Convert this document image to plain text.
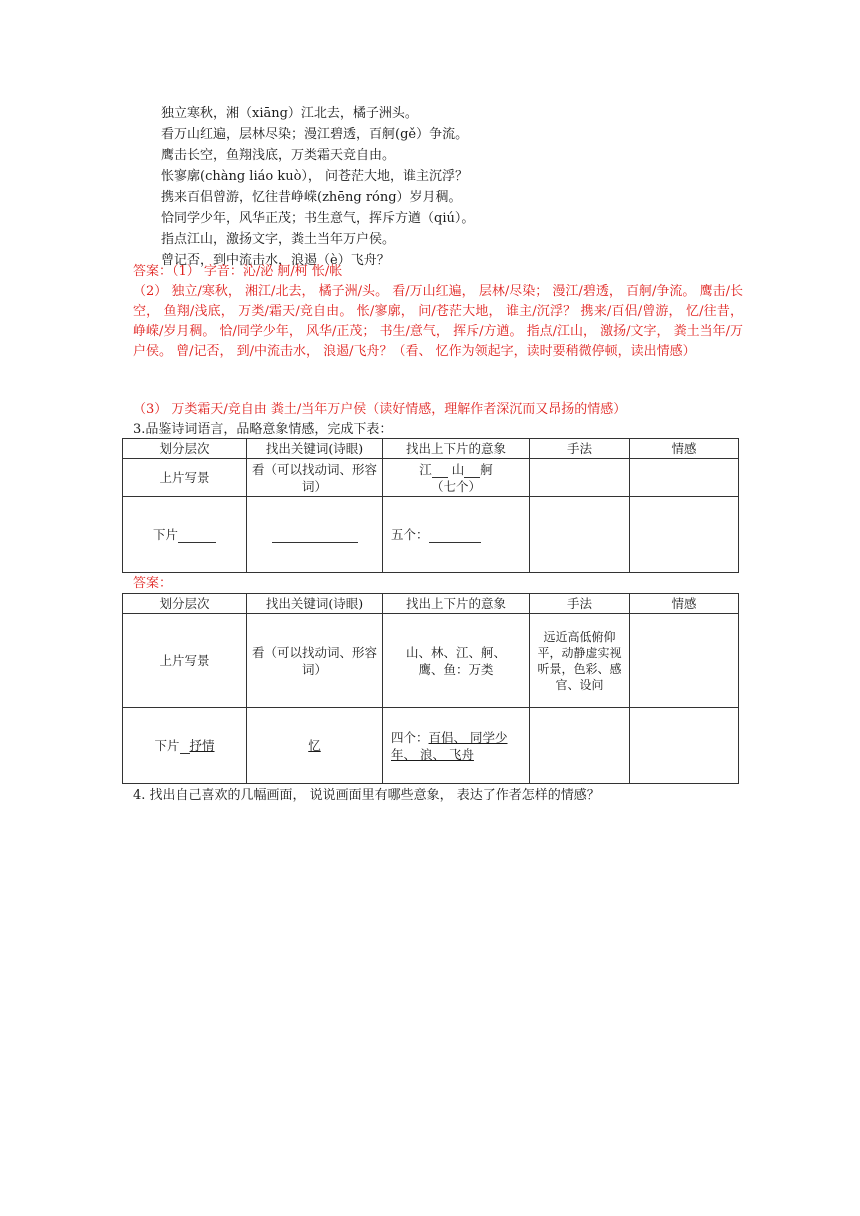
独立寒秋，湘（xiāng）江北去，橘子洲头。
看万山红遍，层林尽染；漫江碧透，百舸(gě）争流。
鹰击长空，鱼翔浅底，万类霜天竞自由。
怅寥廓(chàng liáo kuò）， 问苍茫大地，谁主沉浮？
携来百侣曾游，忆往昔峥嵘(zhēng róng）岁月稠。
恰同学少年，风华正茂；书生意气，挥斥方遒（qiú）。
指点江山，激扬文字，粪土当年万户侯。
曾记否，到中流击水，浪遏（è）飞舟？
答案：（1） 字音：沁/泌 舸/柯 怅/帐
（2） 独立/寒秋， 湘江/北去， 橘子洲/头。 看/万山红遍， 层林/尽染； 漫江/碧透， 百舸/争流。 鹰击/长空， 鱼翔/浅底， 万类/霜天/竞自由。 怅/寥廓， 问/苍茫大地， 谁主/沉浮？ 携来/百侣/曾游， 忆/往昔， 峥嵘/岁月稠。 恰/同学少年， 风华/正茂； 书生/意气， 挥斥/方遒。 指点/江山， 激扬/文字， 粪土当年/万户侯。 曾/记否， 到/中流击水， 浪遏/飞舟？（看、 忆作为领起字，读时要稍微停顿，读出情感）
（3） 万类霜天/竞自由 粪土/当年万户侯（读好情感，理解作者深沉而又昂扬的情感）
3.品鉴诗词语言，品略意象情感，完成下表：
划分层次	找出关键词(诗眼)	找出上下片的意象	手法	情感
上片写景	看（可以找动词、形容词）	江 山 舸
（七个）		
下片		五个：		
答案：
划分层次	找出关键词(诗眼)	找出上下片的意象	手法	情感
上片写景	看（可以找动词、形容词）	山、林、江、舸、鹰、鱼：万类	远近高低俯仰平，动静虚实视听景，色彩、感官、设问	
下片 抒情	忆	四个：百侣、 同学少年、 浪、 飞舟		
4. 找出自己喜欢的几幅画面， 说说画面里有哪些意象， 表达了作者怎样的情感？
